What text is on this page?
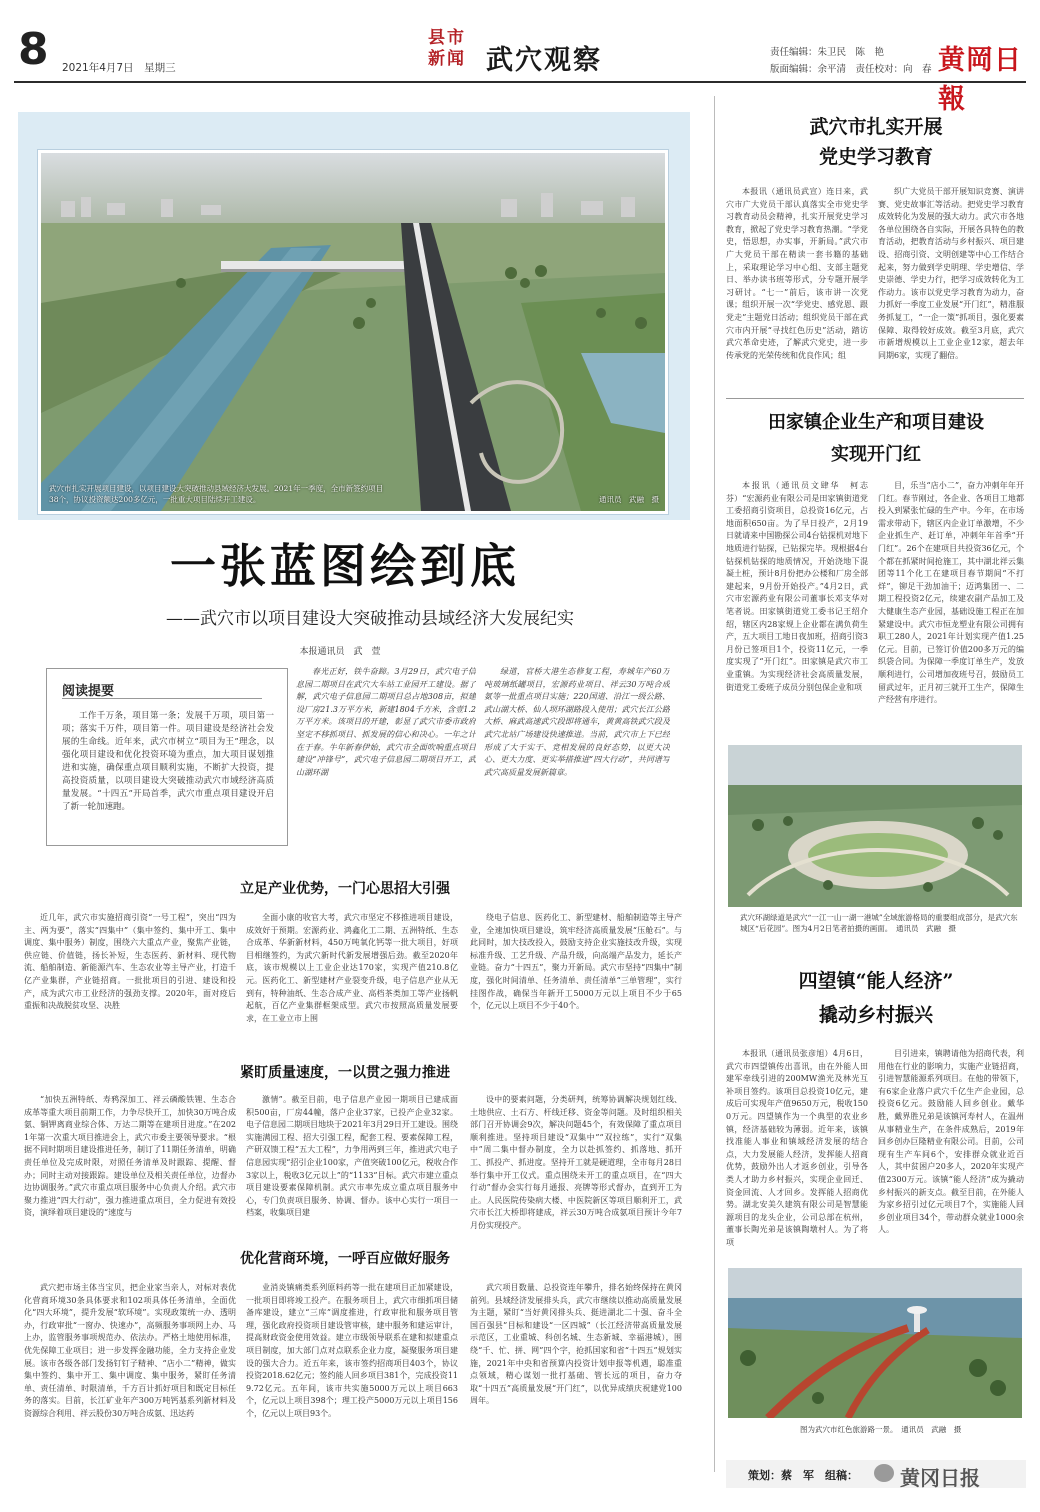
8 2021年4月7日　星期三
县市新闻 武穴观察	责任编辑：朱卫民　陈　艳
版面编辑：余平清　责任校对：向　春 黄岡日報
武穴市扎实开展项目建设，以项目建设大突破推动县域经济大发展。2021年一季度，全市新签约项目
38个，协议投资额达200多亿元，一批重大项目陆续开工建设。	通讯员　武融　摄
一张蓝图绘到底
——武穴市以项目建设大突破推动县域经济大发展纪实
本报通讯员　武　萱
阅读提要

工作千万条，项目第一条；发展千万项，项目第一项；落实千万件，项目第一件。项目建设是经济社会发展的生命线。近年来，武穴市树立“项目为王”理念，以强化项目建设和优化投资环境为重点，加大项目谋划推进和实施，确保重点项目顺利实施，不断扩大投资，提高投资质量，以项目建设大突破推动武穴市域经济高质量发展。“十四五”开局首季，武穴市重点项目建设开启了新一轮加速跑。

春光正好，铁牛奋蹄。3月29日，武穴电子信息园二期项目在武穴大车站工业园开工建设。据了解，武穴电子信息园二期项目总占地308亩，拟建设厂房21.3万平方米，新建1804千方米，含壹1.2万平方米。该项目的开建，彰显了武穴市委市政府坚定不移抓项目、抓发展的信心和决心。一年之计在于春。牛年新春伊始，武穴市全面吹响重点项目建设“冲锋号”，武穴电子信息园二期项目开工，武山湖环湖

绿道，官桥大港生态修复工程，寿城年产60万吨玻璃纸罐项目，宏源药业项目、祥云30万吨合成氨等一批重点项目实施；220国道、沿江一级公路、武山湖大桥、仙人坝环湖路段入使用；武穴长江公路大桥、麻武高速武穴段即将通车，黄黄高铁武穴段及武穴北站广场建设快速推进。当前，武穴市上下已经形成了大干实干、竞相发展的良好态势，以更大决心、更大力度、更实举措推进“四大行动”，共同谱写武穴高质量发展新篇章。

立足产业优势，一门心思招大引强

近几年，武穴市实施招商引资“一号工程”，突出“四为主、两为要”，落实“四集中”（集中签约、集中开工、集中调度、集中服务）制度，围绕六大重点产业，聚焦产业链，供应链、价值链，扬长补短，生态医药、新材料、现代物流、船舶制造、新能源汽车、生态农业等主导产业，打造千亿产业集群，产业链招商。一批批项目的引进、建设和投产，成为武穴市工业经济的强劲支撑。2020年，面对疫后重振和决战脱贫攻坚、决胜

全面小康的收官大考，武穴市坚定不移推进项目建设，成效好于预期。宏源药业、鸿鑫化工二期、五洲特纸、生态合成革、华新新材料，450万吨氧化钙等一批大项目，好项目相继签约，为武穴新时代新发展增强后劲。截至2020年底，该市规模以上工业企业达170家，实现产值210.8亿元。医药化工、新型建材产业裂变升级，电子信息产业从无到有，特种油纸、生态合成产业、高档茶类加工等产业扬帆起航，百亿产业集群框架成型。武穴市按照高质量发展要求，在工业立市上围

绕电子信息、医药化工、新型建材、船舶制造等主导产业，全速加快项目建设，筑牢经济高质量发展“压舱石”。与此同时，加大技改投入，鼓励支持企业实施技改升级，实现标准升级、工艺升级、产品升级，向高端产品发力，延长产业链。奋力“十四五”，聚力开新局。武穴市坚持“四集中”制度，强化时间清单、任务清单、责任清单“三单管理”，实行挂图作战，确保当年新开工5000万元以上项目不少于65个，亿元以上项目不少于40个。

紧盯质量速度，一以贯之强力推进

“加快五洲特纸、寿鸦深加工、祥云磷酸铁锂、生态合成革等重大项目前期工作，力争尽快开工，加快30万吨合成氨、铜钾离商业综合体、万达二期等在建项目进度。”在2021年第一次重大项目推进会上，武穴市委主要领导要求。“根据不同时期项目建设推进任务，制订了11期任务清单，明确责任单位及完成时限，对照任务清单及时跟踪、提醒、督办；同时主动对接跟踪。建设单位及相关责任单位，边督办边协调服务。”武穴市重点项目服务中心负责人介绍。武穴市聚力推进“四大行动”，强力推进重点项目，全力促进有效投资，演绎着项目建设的“速度与

激情”。截至目前，电子信息产业园一期项目已建成面积500亩，厂房44幢，落户企业37家，已投产企业32家。电子信息园二期项目地块于2021年3月29日开工建设。围绕实施满园工程、招大引强工程，配套工程、要素保障工程，产研双馈工程“五大工程”，力争用两到三年，推进武穴电子信息园实现“招引企业100家，产值突破100亿元，税收合作3家以上，税收3亿元以上”的“1133”目标。武穴市建立重点项目建设要素保障机制。武穴市率先成立重点项目服务中心，专门负责项目服务、协调、督办。该中心实行一项目一档案，收集项目建

设中的要素问题，分类研判，统筹协调解决规划红线、土地供应、土石方、杆线迁移、资金等问题。及时组织相关部门召开协调会9次，解决问题45个，有效保障了重点项目顺利推进。坚持项目建设“双集中”“双拉练”，实行“双集中”周二集中督办制度，全力以赴抓签约、抓落地、抓开工、抓投产、抓进度。坚持开工就是硬道理，全市每月28日举行集中开工仪式。重点围绕未开工的重点项目，在“四大行动”督办会实行每月通报、亮牌等形式督办，直到开工为止。人民医院传染病大楼、中医院新区等项目顺利开工，武穴市长江大桥即将建成，祥云30万吨合成氨项目预计今年7月份实现投产。

优化营商环境，一呼百应做好服务

武穴把市场主体当宝贝，把企业家当亲人，对标对表优化营商环境30条具体要求和102项具体任务清单，全面优化“四大环境”，提升发展“软环境”。实现政策统一办、透明办，行政审批“一窗办、快速办”，高频服务事项网上办、马上办，监管服务事项规范办、依法办。严格土地使用标准，优先保障工业项目；进一步发挥金融功能，全力支持企业发展。该市各级各部门发扬钉钉子精神、“店小二”精神，做实集中签约、集中开工、集中调度、集中服务，紧盯任务清单、责任清单、时限清单，千方百计抓好项目和既定目标任务的落实。目前，长江矿业年产300万吨钙基系列新材料及资源综合利用、祥云股份30万吨合成氨、迅达药

业消炎镇痛类系列原料药等一批在建项目正加紧建设，一批项目即将竣工投产。在服务项目上，武穴市细抓项目储备库建设，建立“三库”调度推进，行政审批和服务项目管理，强化政府投资项目建设管审核，建中服务和建运审计，提高财政资金使用效益。建立市级领导联系在建和拟建重点项目制度，加大部门点对点联系企业力度，凝聚服务项目建设的强大合力。近五年来，该市签约招商项目403个，协议投资2018.62亿元；签约能人回乡项目381个，完成投资119.72亿元。五年间，该市共实施5000万元以上项目663个，亿元以上项目398个；理工投产5000万元以上项目156个，亿元以上项目93个。

武穴项目数量、总投资连年攀升，排名始终保持在黄冈前列。县域经济发展排头兵，武穴市继续以推动高质量发展为主题，紧盯“当好黄冈排头兵、挺进湖北二十强、奋斗全国百强县”目标和建设“一区四城”（长江经济带高质量发展示范区，工业重城、科创名城、生态新城、幸福港城），围绕“千、忙、拼、网”四个字，抢抓国家和省“十四五”规划实施，2021年中央和省预算内投资计划申报等机遇，聪准重点领域，精心谋划一批打基础、管长远的项目，奋力夺取“十四五”高质量发展“开门红”，以优异成绩庆祝建党100周年。

武穴市扎实开展
党史学习教育

本报讯（通讯员武宣）连日来，武穴市广大党员干部认真落实全市党史学习教育动员会精神，扎实开展党史学习教育，掀起了党史学习教育热潮。“学党史，悟思想，办实事，开新局。”武穴市广大党员干部在精读一套书籍的基础上，采取理论学习中心组、支部主题党日、举办读书班等形式，分专题开展学习研讨。“七一”前后，该市讲一次党课；组织开展一次“学党史、感党恩、跟党走”主题党日活动；组织党员干部在武穴市内开展“寻找红色历史”活动，踏访武穴革命史迹，了解武穴党史，进一步传承党的光荣传统和优良作风；组

织广大党员干部开展知识竞赛、演讲赛、党史故事汇等活动。把党史学习教育成效转化为发展的强大动力。武穴市各地各单位围绕各自实际，开展各具特色的教育活动，把教育活动与乡村振兴、项目建设、招商引资、文明创建等中心工作结合起来，努力做到学史明理、学史增信、学史崇德、学史力行，把学习成效转化为工作动力。该市以党史学习教育为动力，奋力抓好一季度工业发展“开门红”，精准服务抓复工，“一企一策”抓项目，强化要素保障、取得较好成效。截至3月底，武穴市新增规模以上工业企业12家，超去年同期6家，实现了翻倍。

田家镇企业生产和项目建设
实现开门红

本报讯（通讯员文肆华　柯志芬）“宏源药业有限公司是田家镇街道党工委招商引资项目，总投资16亿元，占地面积650亩。为了早日投产，2月19日就请来中国勘探公司4台钻探机对地下地质进行钻探，已钻探完毕。现根据4台钻探机钻探的地质情况，开始浇地下混凝土桩，预计8月份把办公楼和厂房全部建起来，9月份开始投产。”4月2日，武穴市宏源药业有限公司董事长邓支华对笔者说。田家镇街道党工委书记王绍介绍，辖区内28家规上企业都在满负荷生产，五大项目工地日夜加班，招商引资3月份已签项目1个，投资11亿元，一季度实现了“开门红”。田家镇是武穴市工业重镇。为实现经济社会高质量发展，街道党工委班子成员分别包保企业和项

目，乐当“店小二”，奋力冲刺年年开门红。春节刚过，各企业、各项目工地都投入到紧张忙碌的生产中。今年，在市场需求带动下，辖区内企业订单激增，不少企业抓生产、赶订单，冲刺年年首季“开门红”。26个在建项目共投资36亿元，个个都在抓紧时间抢施工，其中湖北祥云集团等11个化工在建项目春节期间“不打烊”，铆足干劲加油干；迈鸿集团一、二期工程投资2亿元，续建农副产品加工及大健康生态产业园，基础设施工程正在加紧建设中。武穴市恒龙塑业有限公司拥有职工280人，2021年计划实现产值1.25亿元。目前，已签订价值200多万元的编织袋合同。为保障一季度订单生产，发放顺利进行，公司增加夜班号召，鼓励员工留武过年，正月初三就开工生产，保障生产经营有序进行。

武穴环湖绿道是武穴“一江一山一湖一港城”全域旅游格局的重要组成部分，是武穴东城区“后花园”。图为4月2日笔者拍摄的画面。　通讯员　武融　摄
四望镇“能人经济”
撬动乡村振兴

本报讯（通讯员张彦旭）4月6日，武穴市四望镇传出喜讯，由在外能人田建军牵线引进的200MW渔光及林光互补项目签约。该项目总投资10亿元，建成后可实现年产值9650万元，税收1500万元。四望镇作为一个典型的农业乡镇，经济基础较为薄弱。近年来，该镇找准能人事业和镇域经济发展的结合点，大力发展能人经济，发挥能人招商优势，鼓励外出人才返乡创业，引导各类人才助力乡村振兴，实现企业回迁、资金回流、人才回乡。发挥能人招商优势。湖北安美久建筑有限公司是智慧能源项目的龙头企业，公司总部在杭州，董事长陶光弟是该镇陶墩村人。为了将项

目引进来，镇聘请他为招商代表，利用他在行业的影响力，实施产业链招商，引进智慧能源系列项目。在他的带领下，有6家企业落户武穴千亿生产企业园，总投资6亿元。鼓励能人回乡创业。戴华胜，戴界胜兄弟是该镇河寿村人，在温州从事精业生产，在条件成熟后，2019年回乡创办巨隆精业有限公司。目前，公司现有生产车间6个，安排群众就业近百人，其中贫困户20多人，2020年实现产值2300万元。该镇“能人经济”成为撬动乡村振兴的新支点。截至目前，在外能人为家乡招引过亿元项目7个，实施能人回乡创业项目34个，带动群众就业1000余人。

图为武穴市红色旅游路一景。　通讯员　武融　摄
策划：蔡　军　组稿： 黄冈日报
